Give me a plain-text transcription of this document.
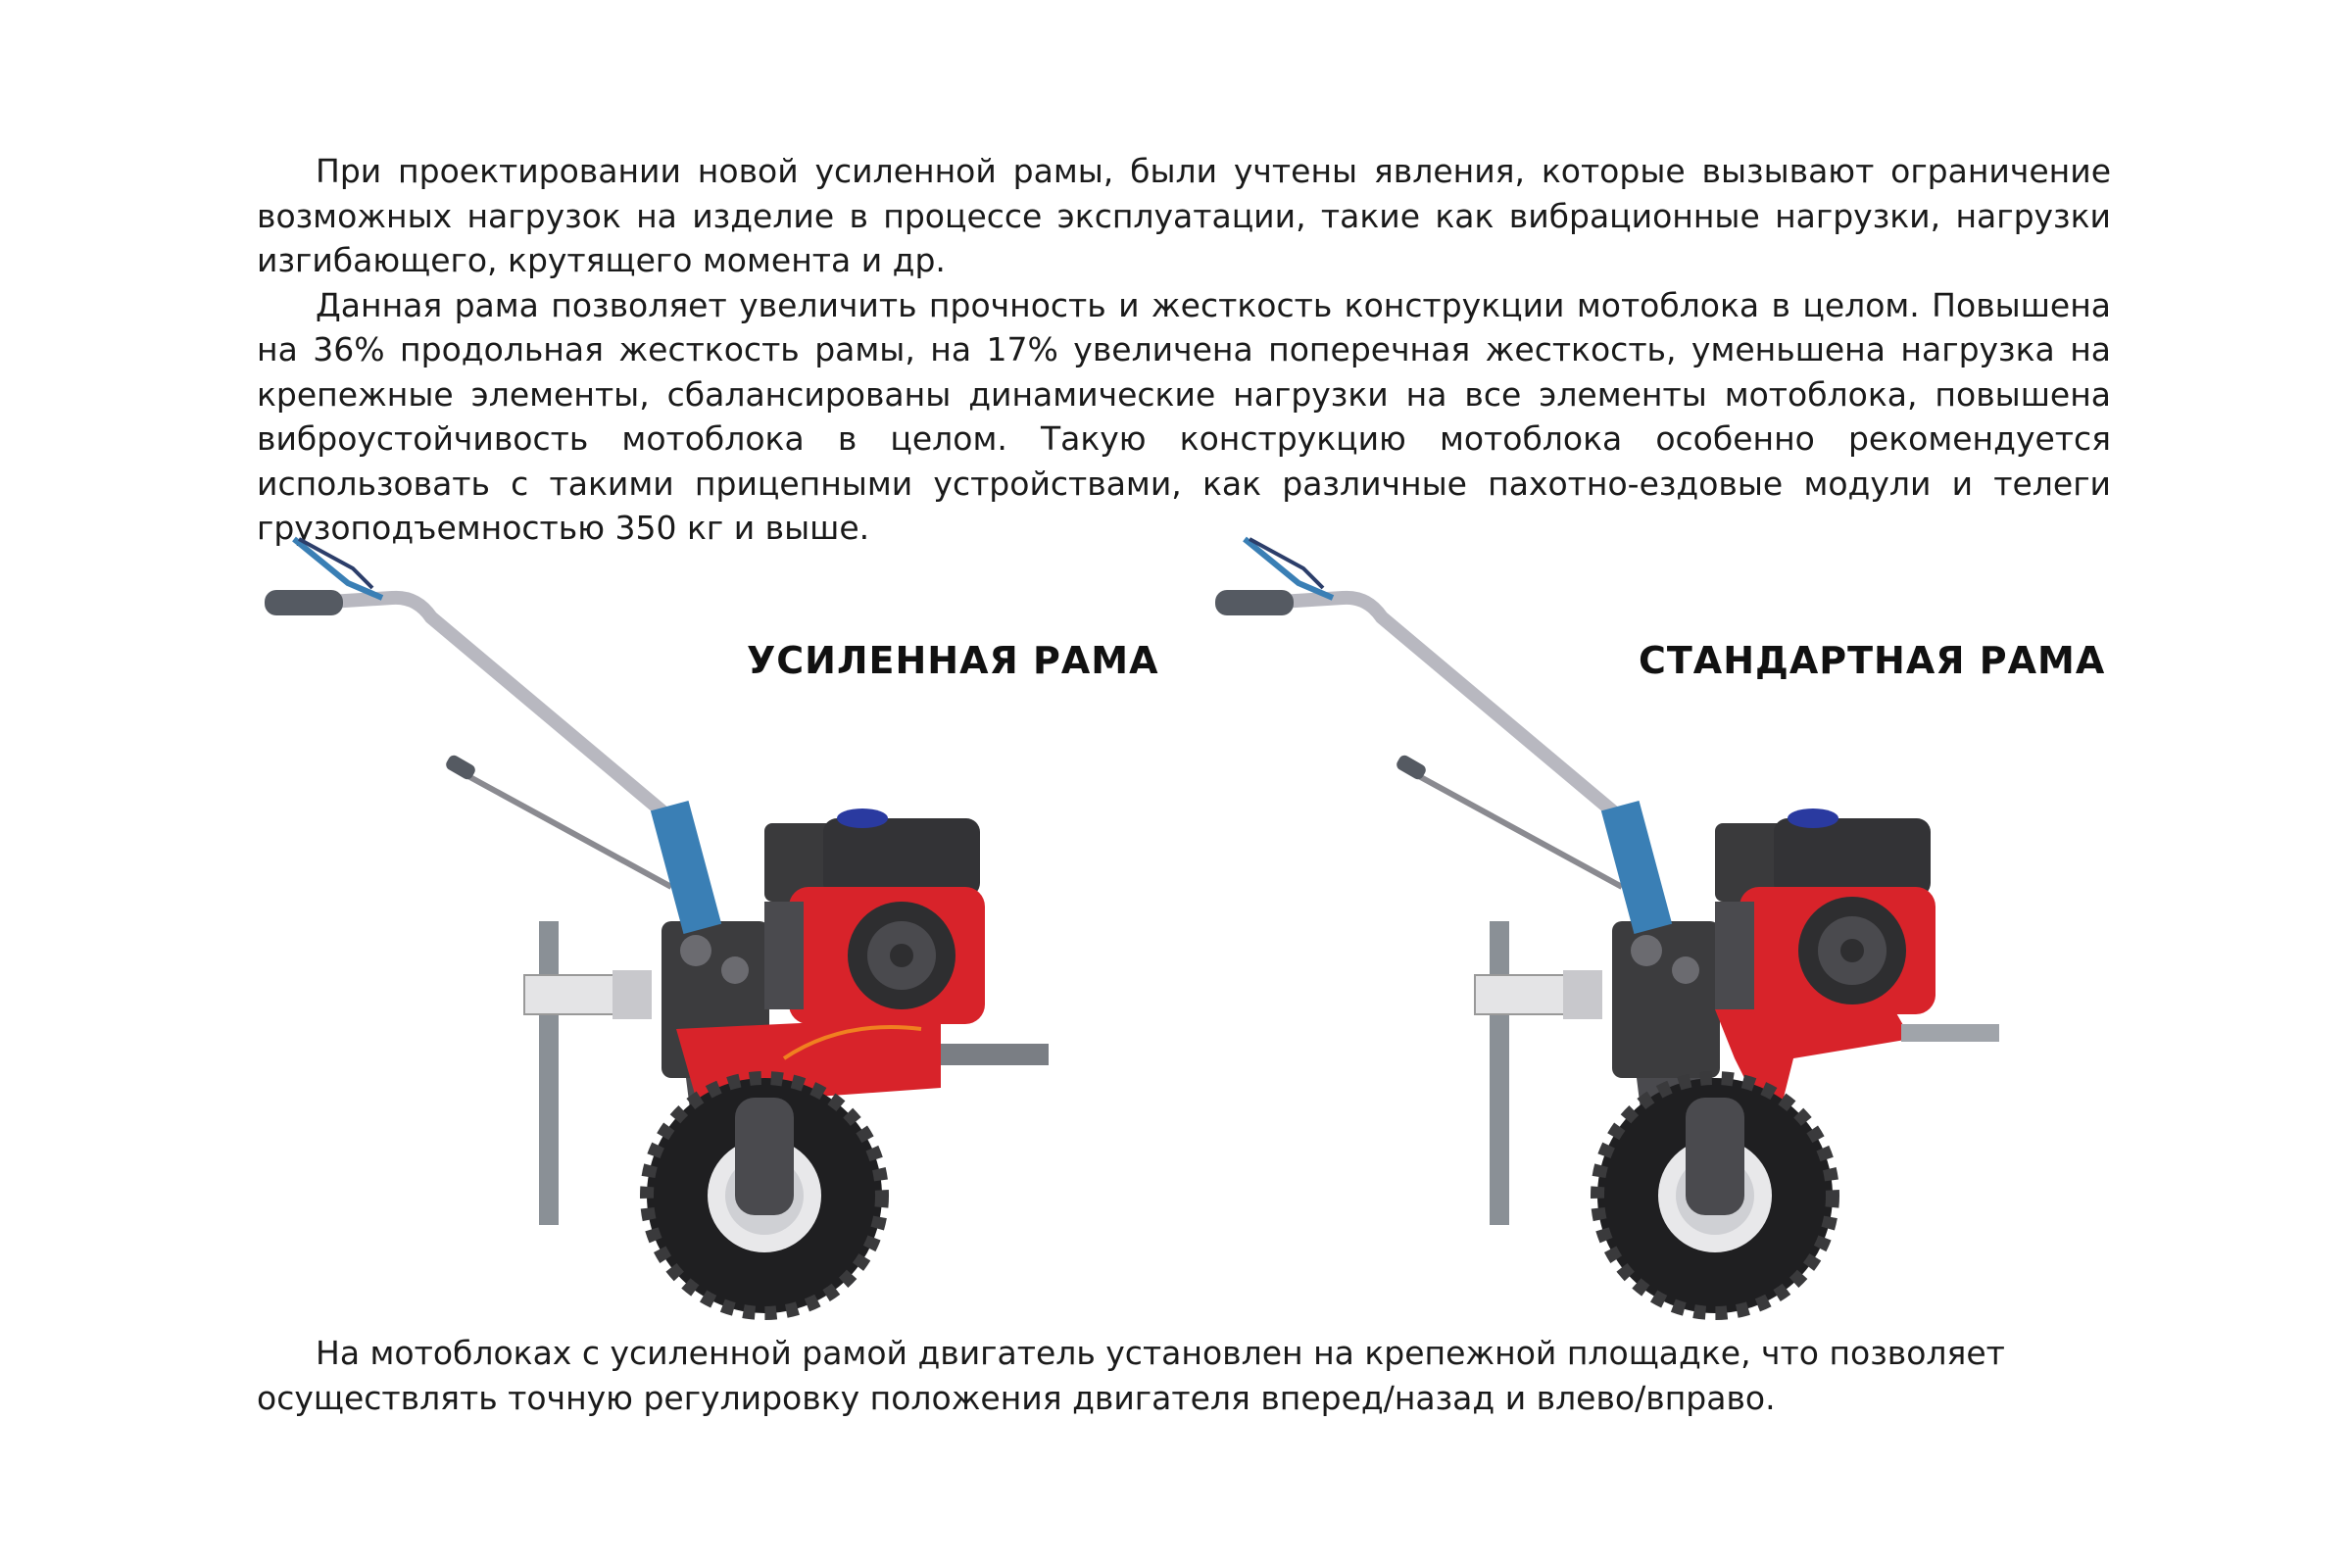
При проектировании новой усиленной рамы, были учтены явления, которые вызывают ограничение возможных нагрузок на изделие в процессе эксплуатации, такие как вибрационные нагрузки, нагрузки изгибающего, крутящего момента и др.

Данная рама позволяет увеличить прочность и жесткость конструкции мотоблока в целом. Повышена на 36% продольная жесткость рамы, на 17% увеличена поперечная жесткость, уменьшена нагрузка на крепежные элементы, сбалансированы динамические нагрузки на все элементы мотоблока, повышена виброустойчивость мотоблока в целом. Такую конструкцию мотоблока особенно рекомендуется использовать с такими прицепными устройствами, как различные пахотно-ездовые модули и телеги грузоподъемностью 350 кг и выше.

УСИЛЕННАЯ РАМА	СТАНДАРТНАЯ РАМА

На мотоблоках с усиленной рамой двигатель установлен на крепежной площадке, что позволяет осуществлять точную регулировку положения двигателя вперед/назад и влево/вправо.
